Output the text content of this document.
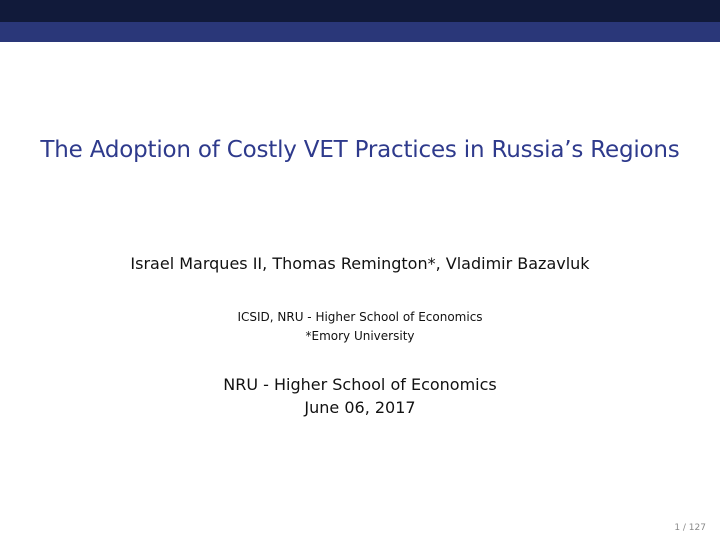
The Adoption of Costly VET Practices in Russia’s Regions
Israel Marques II, Thomas Remington*, Vladimir Bazavluk
ICSID, NRU - Higher School of Economics
*Emory University
NRU - Higher School of Economics
June 06, 2017
1 / 127
